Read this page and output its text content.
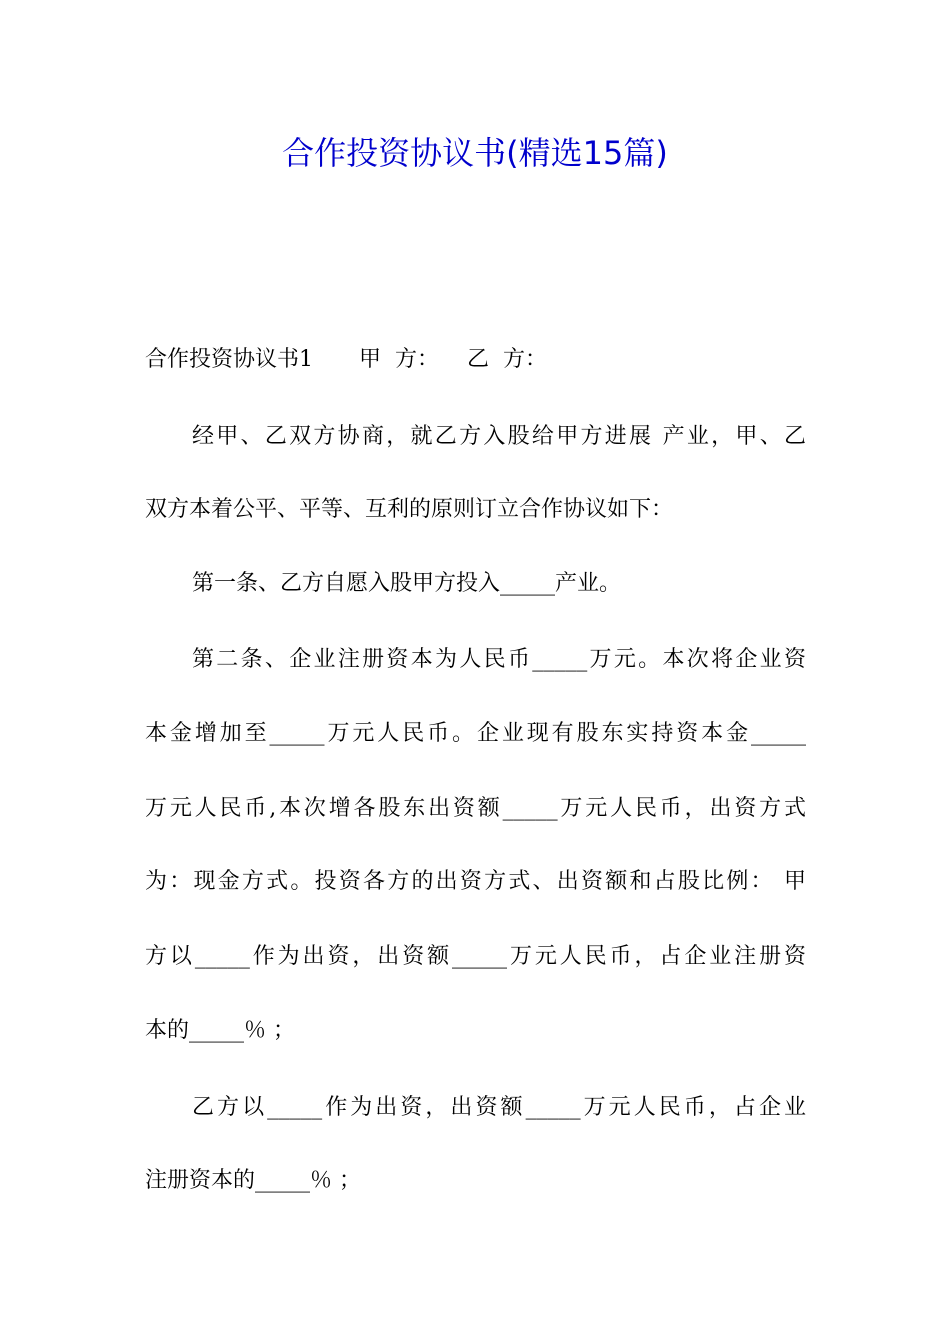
合作投资协议书(精选15篇)
合作投资协议书1 甲  方： 乙  方：
经甲、乙双方协商，就乙方入股给甲方进展 产业，甲、乙
双方本着公平、平等、互利的原则订立合作协议如下：
第一条、乙方自愿入股甲方投入_____产业。
第二条、企业注册资本为人民币_____万元。本次将企业资
本金增加至_____万元人民币。企业现有股东实持资本金_____
万元人民币,本次增各股东出资额_____万元人民币，出资方式
为：现金方式。投资各方的出资方式、出资额和占股比例： 甲
方以_____作为出资，出资额_____万元人民币，占企业注册资
本的_____％ ；
乙方以_____作为出资，出资额_____万元人民币，占企业
注册资本的_____％ ；
